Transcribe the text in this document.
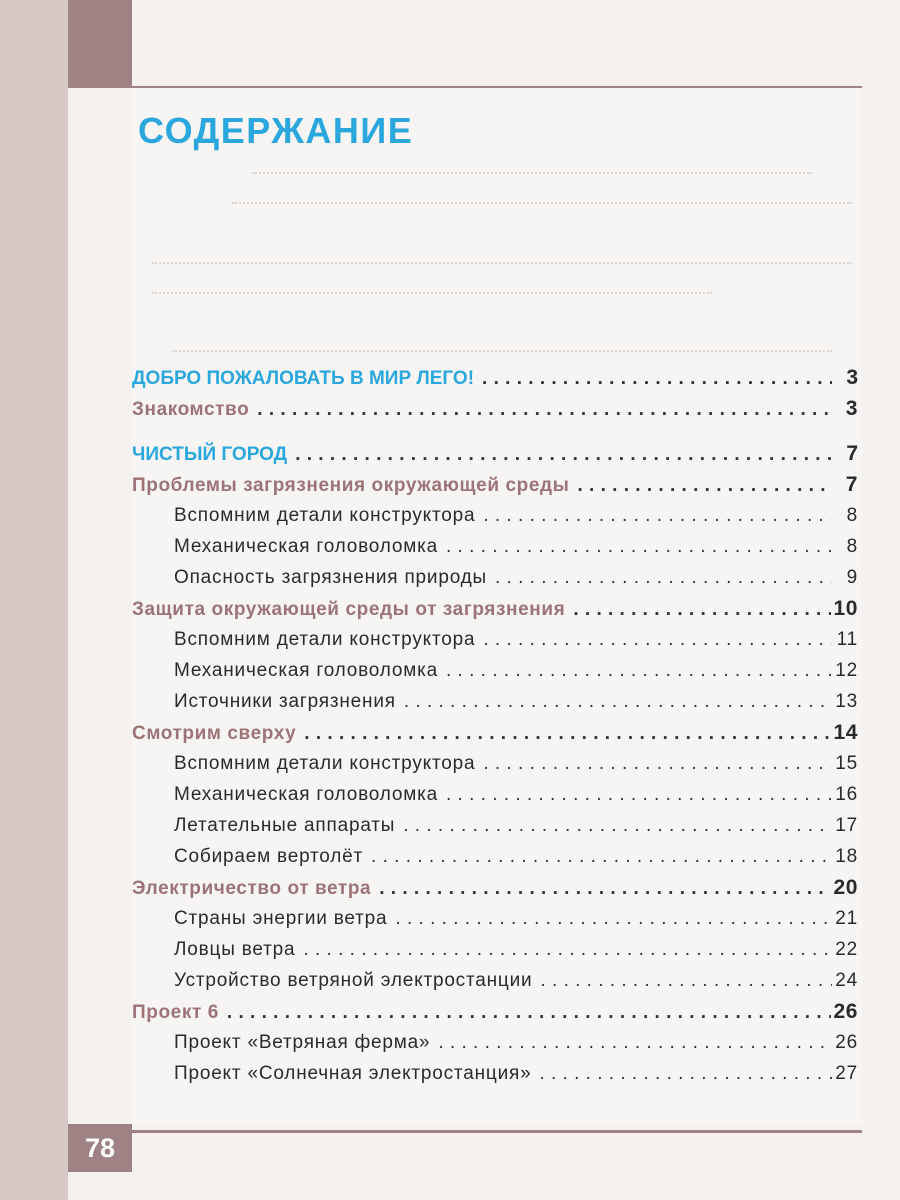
СОДЕРЖАНИЕ
ДОБРО ПОЖАЛОВАТЬ В МИР ЛЕГО! . . .	3
Знакомство . . .	3
ЧИСТЫЙ ГОРОД . . .	7
Проблемы загрязнения окружающей среды . . .	7
Вспомним детали конструктора . . .	8
Механическая головоломка . . .	8
Опасность загрязнения природы . . .	9
Защита окружающей среды от загрязнения . . .	10
Вспомним детали конструктора . . .	11
Механическая головоломка . . .	12
Источники загрязнения . . .	13
Смотрим сверху . . .	14
Вспомним детали конструктора . . .	15
Механическая головоломка . . .	16
Летательные аппараты . . .	17
Собираем вертолёт . . .	18
Электричество от ветра . . .	20
Страны энергии ветра . . .	21
Ловцы ветра . . .	22
Устройство ветряной электростанции . . .	24
Проект 6 . . .	26
Проект «Ветряная ферма» . . .	26
Проект «Солнечная электростанция» . . .	27
78
